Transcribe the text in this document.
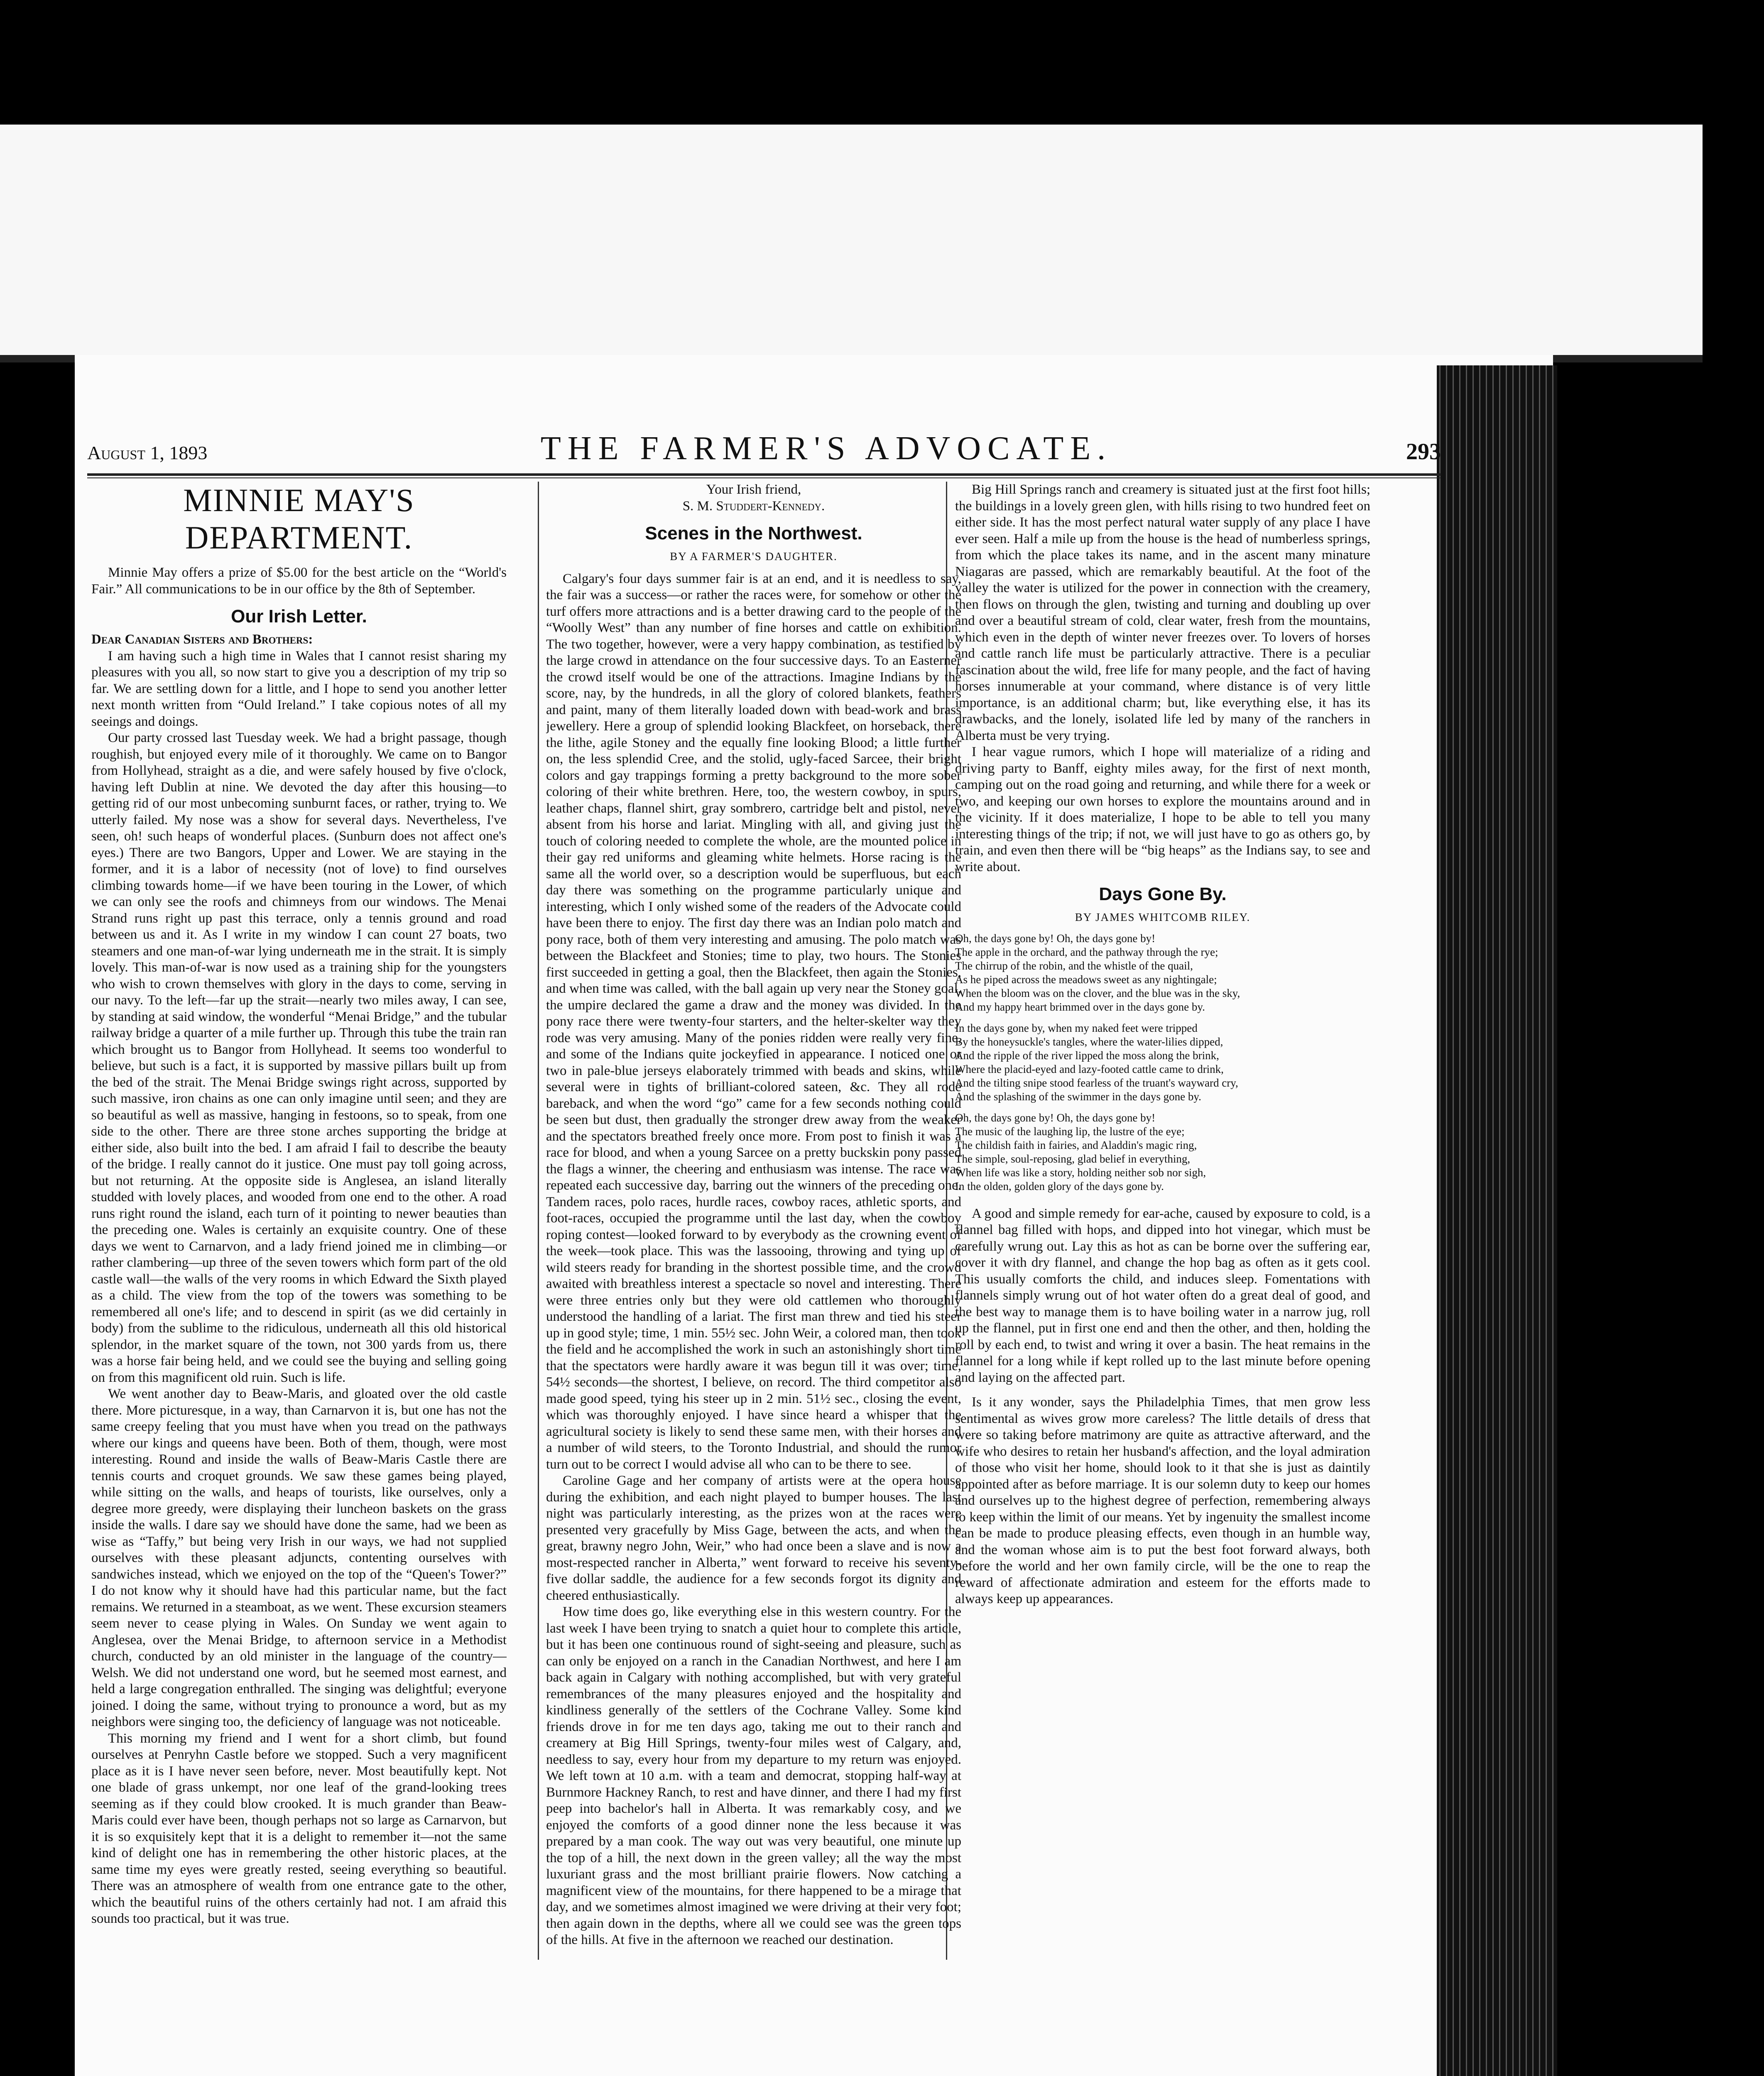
August 1, 1893	THE FARMER'S ADVOCATE.	293
MINNIE MAY'S DEPARTMENT.

Minnie May offers a prize of $5.00 for the best article on the “World's Fair.” All communications to be in our office by the 8th of September.

Our Irish Letter.

Dear Canadian Sisters and Brothers:

I am having such a high time in Wales that I cannot resist sharing my pleasures with you all, so now start to give you a description of my trip so far. We are settling down for a little, and I hope to send you another letter next month written from “Ould Ireland.” I take copious notes of all my seeings and doings.

Our party crossed last Tuesday week. We had a bright passage, though roughish, but enjoyed every mile of it thoroughly. We came on to Bangor from Hollyhead, straight as a die, and were safely housed by five o'clock, having left Dublin at nine. We devoted the day after this housing—to getting rid of our most unbecoming sunburnt faces, or rather, trying to. We utterly failed. My nose was a show for several days. Nevertheless, I've seen, oh! such heaps of wonderful places. (Sunburn does not affect one's eyes.) There are two Bangors, Upper and Lower. We are staying in the former, and it is a labor of necessity (not of love) to find ourselves climbing towards home—if we have been touring in the Lower, of which we can only see the roofs and chimneys from our windows. The Menai Strand runs right up past this terrace, only a tennis ground and road between us and it. As I write in my window I can count 27 boats, two steamers and one man-of-war lying underneath me in the strait. It is simply lovely. This man-of-war is now used as a training ship for the youngsters who wish to crown themselves with glory in the days to come, serving in our navy. To the left—far up the strait—nearly two miles away, I can see, by standing at said window, the wonderful “Menai Bridge,” and the tubular railway bridge a quarter of a mile further up. Through this tube the train ran which brought us to Bangor from Hollyhead. It seems too wonderful to believe, but such is a fact, it is supported by massive pillars built up from the bed of the strait. The Menai Bridge swings right across, supported by such massive, iron chains as one can only imagine until seen; and they are so beautiful as well as massive, hanging in festoons, so to speak, from one side to the other. There are three stone arches supporting the bridge at either side, also built into the bed. I am afraid I fail to describe the beauty of the bridge. I really cannot do it justice. One must pay toll going across, but not returning. At the opposite side is Anglesea, an island literally studded with lovely places, and wooded from one end to the other. A road runs right round the island, each turn of it pointing to newer beauties than the preceding one. Wales is certainly an exquisite country. One of these days we went to Carnarvon, and a lady friend joined me in climbing—or rather clambering—up three of the seven towers which form part of the old castle wall—the walls of the very rooms in which Edward the Sixth played as a child. The view from the top of the towers was something to be remembered all one's life; and to descend in spirit (as we did certainly in body) from the sublime to the ridiculous, underneath all this old historical splendor, in the market square of the town, not 300 yards from us, there was a horse fair being held, and we could see the buying and selling going on from this magnificent old ruin. Such is life.

We went another day to Beaw-Maris, and gloated over the old castle there. More picturesque, in a way, than Carnarvon it is, but one has not the same creepy feeling that you must have when you tread on the pathways where our kings and queens have been. Both of them, though, were most interesting. Round and inside the walls of Beaw-Maris Castle there are tennis courts and croquet grounds. We saw these games being played, while sitting on the walls, and heaps of tourists, like ourselves, only a degree more greedy, were displaying their luncheon baskets on the grass inside the walls. I dare say we should have done the same, had we been as wise as “Taffy,” but being very Irish in our ways, we had not supplied ourselves with these pleasant adjuncts, contenting ourselves with sandwiches instead, which we enjoyed on the top of the “Queen's Tower?” I do not know why it should have had this particular name, but the fact remains. We returned in a steamboat, as we went. These excursion steamers seem never to cease plying in Wales. On Sunday we went again to Anglesea, over the Menai Bridge, to afternoon service in a Methodist church, conducted by an old minister in the language of the country—Welsh. We did not understand one word, but he seemed most earnest, and held a large congregation enthralled. The singing was delightful; everyone joined. I doing the same, without trying to pronounce a word, but as my neighbors were singing too, the deficiency of language was not noticeable.

This morning my friend and I went for a short climb, but found ourselves at Penryhn Castle before we stopped. Such a very magnificent place as it is I have never seen before, never. Most beautifully kept. Not one blade of grass unkempt, nor one leaf of the grand-looking trees seeming as if they could blow crooked. It is much grander than Beaw-Maris could ever have been, though perhaps not so large as Carnarvon, but it is so exquisitely kept that it is a delight to remember it—not the same kind of delight one has in remembering the other historic places, at the same time my eyes were greatly rested, seeing everything so beautiful. There was an atmosphere of wealth from one entrance gate to the other, which the beautiful ruins of the others certainly had not. I am afraid this sounds too practical, but it was true.

Your Irish friend,

S. M. Studdert-Kennedy.

Scenes in the Northwest.
BY A FARMER'S DAUGHTER.

Calgary's four days summer fair is at an end, and it is needless to say, the fair was a success—or rather the races were, for somehow or other the turf offers more attractions and is a better drawing card to the people of the “Woolly West” than any number of fine horses and cattle on exhibition. The two together, however, were a very happy combination, as testified by the large crowd in attendance on the four successive days. To an Easterner the crowd itself would be one of the attractions. Imagine Indians by the score, nay, by the hundreds, in all the glory of colored blankets, feathers and paint, many of them literally loaded down with bead-work and brass jewellery. Here a group of splendid looking Blackfeet, on horseback, there the lithe, agile Stoney and the equally fine looking Blood; a little further on, the less splendid Cree, and the stolid, ugly-faced Sarcee, their bright colors and gay trappings forming a pretty background to the more sober coloring of their white brethren. Here, too, the western cowboy, in spurs, leather chaps, flannel shirt, gray sombrero, cartridge belt and pistol, never absent from his horse and lariat. Mingling with all, and giving just the touch of coloring needed to complete the whole, are the mounted police in their gay red uniforms and gleaming white helmets. Horse racing is the same all the world over, so a description would be superfluous, but each day there was something on the programme particularly unique and interesting, which I only wished some of the readers of the Advocate could have been there to enjoy. The first day there was an Indian polo match and pony race, both of them very interesting and amusing. The polo match was between the Blackfeet and Stonies; time to play, two hours. The Stonies first succeeded in getting a goal, then the Blackfeet, then again the Stonies, and when time was called, with the ball again up very near the Stoney goal, the umpire declared the game a draw and the money was divided. In the pony race there were twenty-four starters, and the helter-skelter way they rode was very amusing. Many of the ponies ridden were really very fine, and some of the Indians quite jockeyfied in appearance. I noticed one or two in pale-blue jerseys elaborately trimmed with beads and skins, while several were in tights of brilliant-colored sateen, &c. They all rode bareback, and when the word “go” came for a few seconds nothing could be seen but dust, then gradually the stronger drew away from the weaker and the spectators breathed freely once more. From post to finish it was a race for blood, and when a young Sarcee on a pretty buckskin pony passed the flags a winner, the cheering and enthusiasm was intense. The race was repeated each successive day, barring out the winners of the preceding one. Tandem races, polo races, hurdle races, cowboy races, athletic sports, and foot-races, occupied the programme until the last day, when the cowboy roping contest—looked forward to by everybody as the crowning event of the week—took place. This was the lassooing, throwing and tying up of wild steers ready for branding in the shortest possible time, and the crowd awaited with breathless interest a spectacle so novel and interesting. There were three entries only but they were old cattlemen who thoroughly understood the handling of a lariat. The first man threw and tied his steer up in good style; time, 1 min. 55½ sec. John Weir, a colored man, then took the field and he accomplished the work in such an astonishingly short time that the spectators were hardly aware it was begun till it was over; time, 54½ seconds—the shortest, I believe, on record. The third competitor also made good speed, tying his steer up in 2 min. 51½ sec., closing the event, which was thoroughly enjoyed. I have since heard a whisper that the agricultural society is likely to send these same men, with their horses and a number of wild steers, to the Toronto Industrial, and should the rumor turn out to be correct I would advise all who can to be there to see.

Caroline Gage and her company of artists were at the opera house during the exhibition, and each night played to bumper houses. The last night was particularly interesting, as the prizes won at the races were presented very gracefully by Miss Gage, between the acts, and when the great, brawny negro John, Weir,” who had once been a slave and is now a most-respected rancher in Alberta,” went forward to receive his seventy-five dollar saddle, the audience for a few seconds forgot its dignity and cheered enthusiastically.

How time does go, like everything else in this western country. For the last week I have been trying to snatch a quiet hour to complete this article, but it has been one continuous round of sight-seeing and pleasure, such as can only be enjoyed on a ranch in the Canadian Northwest, and here I am back again in Calgary with nothing accomplished, but with very grateful remembrances of the many pleasures enjoyed and the hospitality and kindliness generally of the settlers of the Cochrane Valley. Some kind friends drove in for me ten days ago, taking me out to their ranch and creamery at Big Hill Springs, twenty-four miles west of Calgary, and, needless to say, every hour from my departure to my return was enjoyed. We left town at 10 a.m. with a team and democrat, stopping half-way at Burnmore Hackney Ranch, to rest and have dinner, and there I had my first peep into bachelor's hall in Alberta. It was remarkably cosy, and we enjoyed the comforts of a good dinner none the less because it was prepared by a man cook. The way out was very beautiful, one minute up the top of a hill, the next down in the green valley; all the way the most luxuriant grass and the most brilliant prairie flowers. Now catching a magnificent view of the mountains, for there happened to be a mirage that day, and we sometimes almost imagined we were driving at their very foot; then again down in the depths, where all we could see was the green tops of the hills. At five in the afternoon we reached our destination.

Big Hill Springs ranch and creamery is situated just at the first foot hills; the buildings in a lovely green glen, with hills rising to two hundred feet on either side. It has the most perfect natural water supply of any place I have ever seen. Half a mile up from the house is the head of numberless springs, from which the place takes its name, and in the ascent many minature Niagaras are passed, which are remarkably beautiful. At the foot of the valley the water is utilized for the power in connection with the creamery, then flows on through the glen, twisting and turning and doubling up over and over a beautiful stream of cold, clear water, fresh from the mountains, which even in the depth of winter never freezes over. To lovers of horses and cattle ranch life must be particularly attractive. There is a peculiar fascination about the wild, free life for many people, and the fact of having horses innumerable at your command, where distance is of very little importance, is an additional charm; but, like everything else, it has its drawbacks, and the lonely, isolated life led by many of the ranchers in Alberta must be very trying.

I hear vague rumors, which I hope will materialize of a riding and driving party to Banff, eighty miles away, for the first of next month, camping out on the road going and returning, and while there for a week or two, and keeping our own horses to explore the mountains around and in the vicinity. If it does materialize, I hope to be able to tell you many interesting things of the trip; if not, we will just have to go as others go, by train, and even then there will be “big heaps” as the Indians say, to see and write about.

Days Gone By.
BY JAMES WHITCOMB RILEY.
Oh, the days gone by! Oh, the days gone by!
The apple in the orchard, and the pathway through the rye;
The chirrup of the robin, and the whistle of the quail,
As he piped across the meadows sweet as any nightingale;
When the bloom was on the clover, and the blue was in the sky,
And my happy heart brimmed over in the days gone by.
In the days gone by, when my naked feet were tripped
By the honeysuckle's tangles, where the water-lilies dipped,
And the ripple of the river lipped the moss along the brink,
Where the placid-eyed and lazy-footed cattle came to drink,
And the tilting snipe stood fearless of the truant's wayward cry,
And the splashing of the swimmer in the days gone by.
Oh, the days gone by! Oh, the days gone by!
The music of the laughing lip, the lustre of the eye;
The childish faith in fairies, and Aladdin's magic ring,
The simple, soul-reposing, glad belief in everything,
When life was like a story, holding neither sob nor sigh,
In the olden, golden glory of the days gone by.

A good and simple remedy for ear-ache, caused by exposure to cold, is a flannel bag filled with hops, and dipped into hot vinegar, which must be carefully wrung out. Lay this as hot as can be borne over the suffering ear, cover it with dry flannel, and change the hop bag as often as it gets cool. This usually comforts the child, and induces sleep. Fomentations with flannels simply wrung out of hot water often do a great deal of good, and the best way to manage them is to have boiling water in a narrow jug, roll up the flannel, put in first one end and then the other, and then, holding the roll by each end, to twist and wring it over a basin. The heat remains in the flannel for a long while if kept rolled up to the last minute before opening and laying on the affected part.

Is it any wonder, says the Philadelphia Times, that men grow less sentimental as wives grow more careless? The little details of dress that were so taking before matrimony are quite as attractive afterward, and the wife who desires to retain her husband's affection, and the loyal admiration of those who visit her home, should look to it that she is just as daintily appointed after as before marriage. It is our solemn duty to keep our homes and ourselves up to the highest degree of perfection, remembering always to keep within the limit of our means. Yet by ingenuity the smallest income can be made to produce pleasing effects, even though in an humble way, and the woman whose aim is to put the best foot forward always, both before the world and her own family circle, will be the one to reap the reward of affectionate admiration and esteem for the efforts made to always keep up appearances.
